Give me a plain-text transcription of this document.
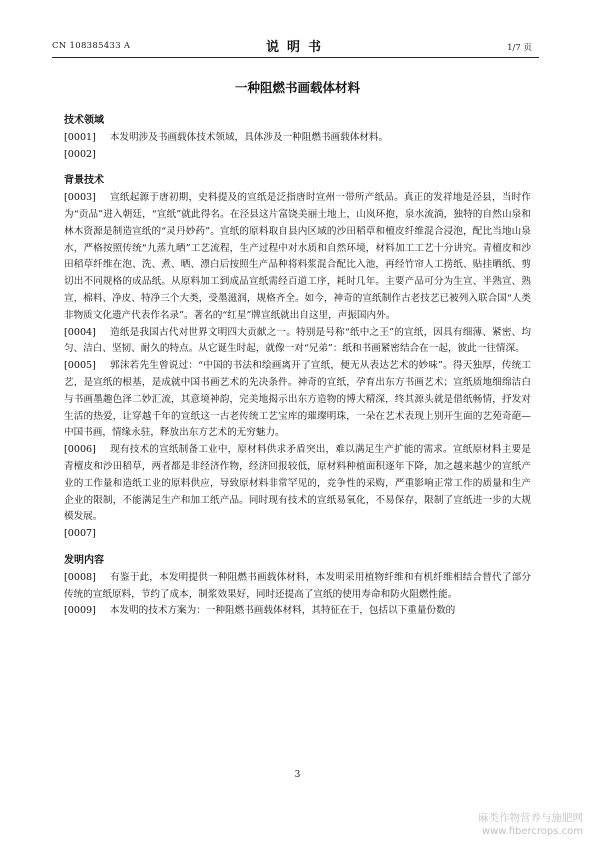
CN 108385433 A	说明书	1/7 页
一种阻燃书画载体材料
技术领域
[0001] 本发明涉及书画载体技术领域，具体涉及一种阻燃书画载体材料。
[0002]
背景技术
[0003] 宣纸起源于唐初期，史料提及的宣纸是泛指唐时宣州一带所产纸品。真正的发祥地是泾县，当时作为“贡品”进入朝廷，“宣纸”就此得名。在泾县这片富饶美丽土地上，山岚环抱，泉水流淌，独特的自然山泉和林木资源是制造宣纸的“灵丹妙药”。宣纸的原料取自县内区域的沙田稻草和檀皮纤维混合浸泡，配比当地山泉水，严格按照传统“九蒸九晒”工艺流程，生产过程中对水质和自然环境，材料加工工艺十分讲究。青檀皮和沙田稻草纤维在泡、洗、煮、晒、漂白后按照生产品种将料浆混合配比入池，再经竹帘人工捞纸、贴挂晒纸、剪切出不同规格的成品纸。从原料加工到成品宣纸需经百道工序，耗时几年。主要产品可分为生宣、半熟宣、熟宣，棉料、净皮、特净三个大类，受墨滋润，规格齐全。如今，神奇的宣纸制作古老技艺已被列入联合国“人类非物质文化遗产代表作名录”。著名的“红星”牌宣纸就出自这里，声振国内外。
[0004] 造纸是我国古代对世界文明四大贡献之一。特别是号称“纸中之王”的宣纸，因具有细薄、紧密、均匀、洁白、坚韧、耐久的特点。从它诞生时起，就像一对“兄弟”：纸和书画紧密结合在一起，彼此一往情深。
[0005] 郭沫若先生曾说过：“中国的书法和绘画离开了宣纸，便无从表达艺术的妙味”。得天独厚，传统工艺，是宣纸的根基，是成就中国书画艺术的先决条件。神奇的宣纸，孕育出东方书画艺术；宣纸质地细绵洁白与书画墨趣色泽二妙汇流，其意境神韵，完美地揭示出东方造物的博大精深，终其源头就是借纸畅情，抒发对生活的热爱，让穿越千年的宣纸这一古老传统工艺宝库的璀璨明珠，一朵在艺术表现上别开生面的艺苑奇葩—中国书画，情缘永驻，释放出东方艺术的无穷魅力。
[0006] 现有技术的宣纸制备工业中，原材料供求矛盾突出，难以满足生产扩能的需求。宣纸原材料主要是青檀皮和沙田稻草，两者都是非经济作物，经济回报较低，原材料种植面积逐年下降，加之越来越少的宣纸产业的工作量和造纸工业的原料供应，导致原材料非常罕见的，竞争性的采购，严重影响正常工作的质量和生产企业的限制，不能满足生产和加工纸产品。同时现有技术的宣纸易氧化，不易保存，限制了宣纸进一步的大规模发展。
[0007]
发明内容
[0008] 有鉴于此，本发明提供一种阻燃书画载体材料，本发明采用植物纤维和有机纤维相结合替代了部分传统的宣纸原料，节约了成本，制浆效果好，同时还提高了宣纸的使用寿命和防火阻燃性能。
[0009] 本发明的技术方案为：一种阻燃书画载体材料，其特征在于，包括以下重量份数的
3
麻类作物营养与施肥网
www.fibercrops.com
